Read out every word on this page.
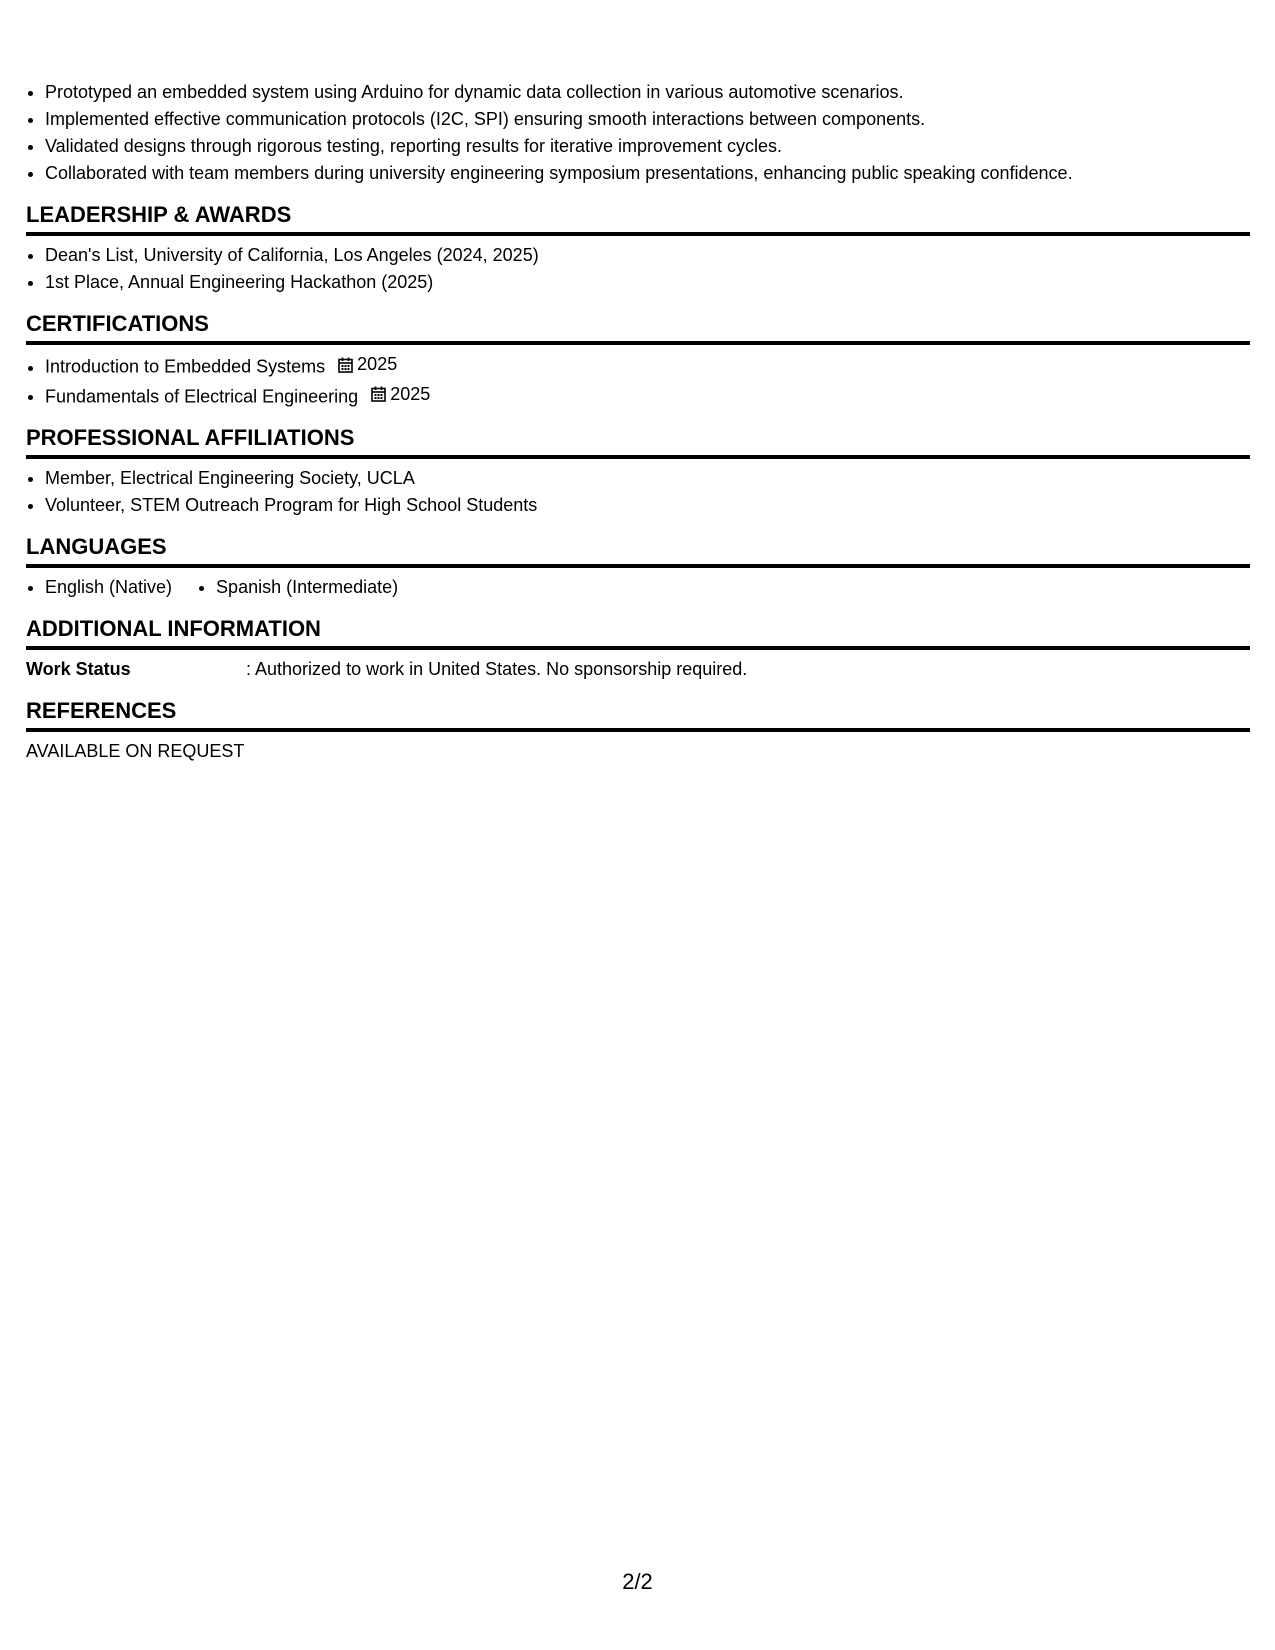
• Prototyped an embedded system using Arduino for dynamic data collection in various automotive scenarios.
• Implemented effective communication protocols (I2C, SPI) ensuring smooth interactions between components.
• Validated designs through rigorous testing, reporting results for iterative improvement cycles.
• Collaborated with team members during university engineering symposium presentations, enhancing public speaking confidence.
LEADERSHIP & AWARDS
• Dean's List, University of California, Los Angeles (2024, 2025)
• 1st Place, Annual Engineering Hackathon (2025)
CERTIFICATIONS
• Introduction to Embedded Systems 2025
• Fundamentals of Electrical Engineering 2025
PROFESSIONAL AFFILIATIONS
• Member, Electrical Engineering Society, UCLA
• Volunteer, STEM Outreach Program for High School Students
LANGUAGES
• English (Native)
• Spanish (Intermediate)
ADDITIONAL INFORMATION
Work Status	: Authorized to work in United States. No sponsorship required.
REFERENCES
AVAILABLE ON REQUEST
2/2
